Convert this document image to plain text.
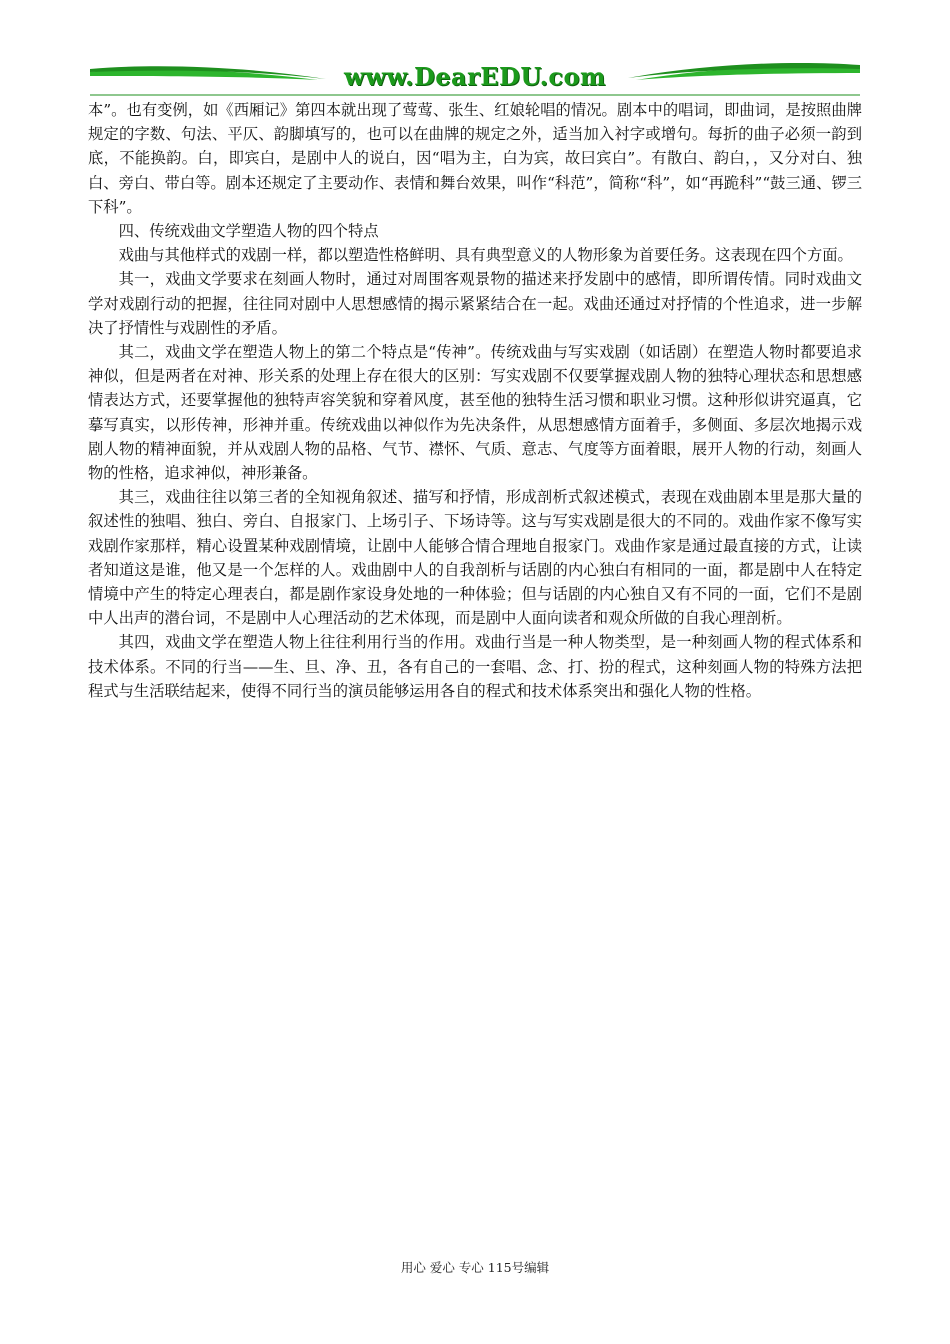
www.DearEDU.com

本”。也有变例，如《西厢记》第四本就出现了莺莺、张生、红娘轮唱的情况。剧本中的唱词，即曲词，是按照曲牌规定的字数、句法、平仄、韵脚填写的，也可以在曲牌的规定之外，适当加入衬字或增句。每折的曲子必须一韵到底，不能换韵。白，即宾白，是剧中人的说白，因“唱为主，白为宾，故曰宾白”。有散白、韵白，，又分对白、独白、旁白、带白等。剧本还规定了主要动作、表情和舞台效果，叫作“科范”，简称“科”，如“再跪科”“鼓三通、锣三下科”。

四、传统戏曲文学塑造人物的四个特点

戏曲与其他样式的戏剧一样，都以塑造性格鲜明、具有典型意义的人物形象为首要任务。这表现在四个方面。

其一，戏曲文学要求在刻画人物时，通过对周围客观景物的描述来抒发剧中的感情，即所谓传情。同时戏曲文学对戏剧行动的把握，往往同对剧中人思想感情的揭示紧紧结合在一起。戏曲还通过对抒情的个性追求，进一步解决了抒情性与戏剧性的矛盾。

其二，戏曲文学在塑造人物上的第二个特点是“传神”。传统戏曲与写实戏剧（如话剧）在塑造人物时都要追求神似，但是两者在对神、形关系的处理上存在很大的区别：写实戏剧不仅要掌握戏剧人物的独特心理状态和思想感情表达方式，还要掌握他的独特声容笑貌和穿着风度，甚至他的独特生活习惯和职业习惯。这种形似讲究逼真，它摹写真实，以形传神，形神并重。传统戏曲以神似作为先决条件，从思想感情方面着手，多侧面、多层次地揭示戏剧人物的精神面貌，并从戏剧人物的品格、气节、襟怀、气质、意志、气度等方面着眼，展开人物的行动，刻画人物的性格，追求神似，神形兼备。

其三，戏曲往往以第三者的全知视角叙述、描写和抒情，形成剖析式叙述模式，表现在戏曲剧本里是那大量的叙述性的独唱、独白、旁白、自报家门、上场引子、下场诗等。这与写实戏剧是很大的不同的。戏曲作家不像写实戏剧作家那样，精心设置某种戏剧情境，让剧中人能够合情合理地自报家门。戏曲作家是通过最直接的方式，让读者知道这是谁，他又是一个怎样的人。戏曲剧中人的自我剖析与话剧的内心独白有相同的一面，都是剧中人在特定情境中产生的特定心理表白，都是剧作家设身处地的一种体验；但与话剧的内心独自又有不同的一面，它们不是剧中人出声的潜台词，不是剧中人心理活动的艺术体现，而是剧中人面向读者和观众所做的自我心理剖析。

其四，戏曲文学在塑造人物上往往利用行当的作用。戏曲行当是一种人物类型，是一种刻画人物的程式体系和技术体系。不同的行当——生、旦、净、丑，各有自己的一套唱、念、打、扮的程式，这种刻画人物的特殊方法把程式与生活联结起来，使得不同行当的演员能够运用各自的程式和技术体系突出和强化人物的性格。

用心 爱心 专心 115号编辑
